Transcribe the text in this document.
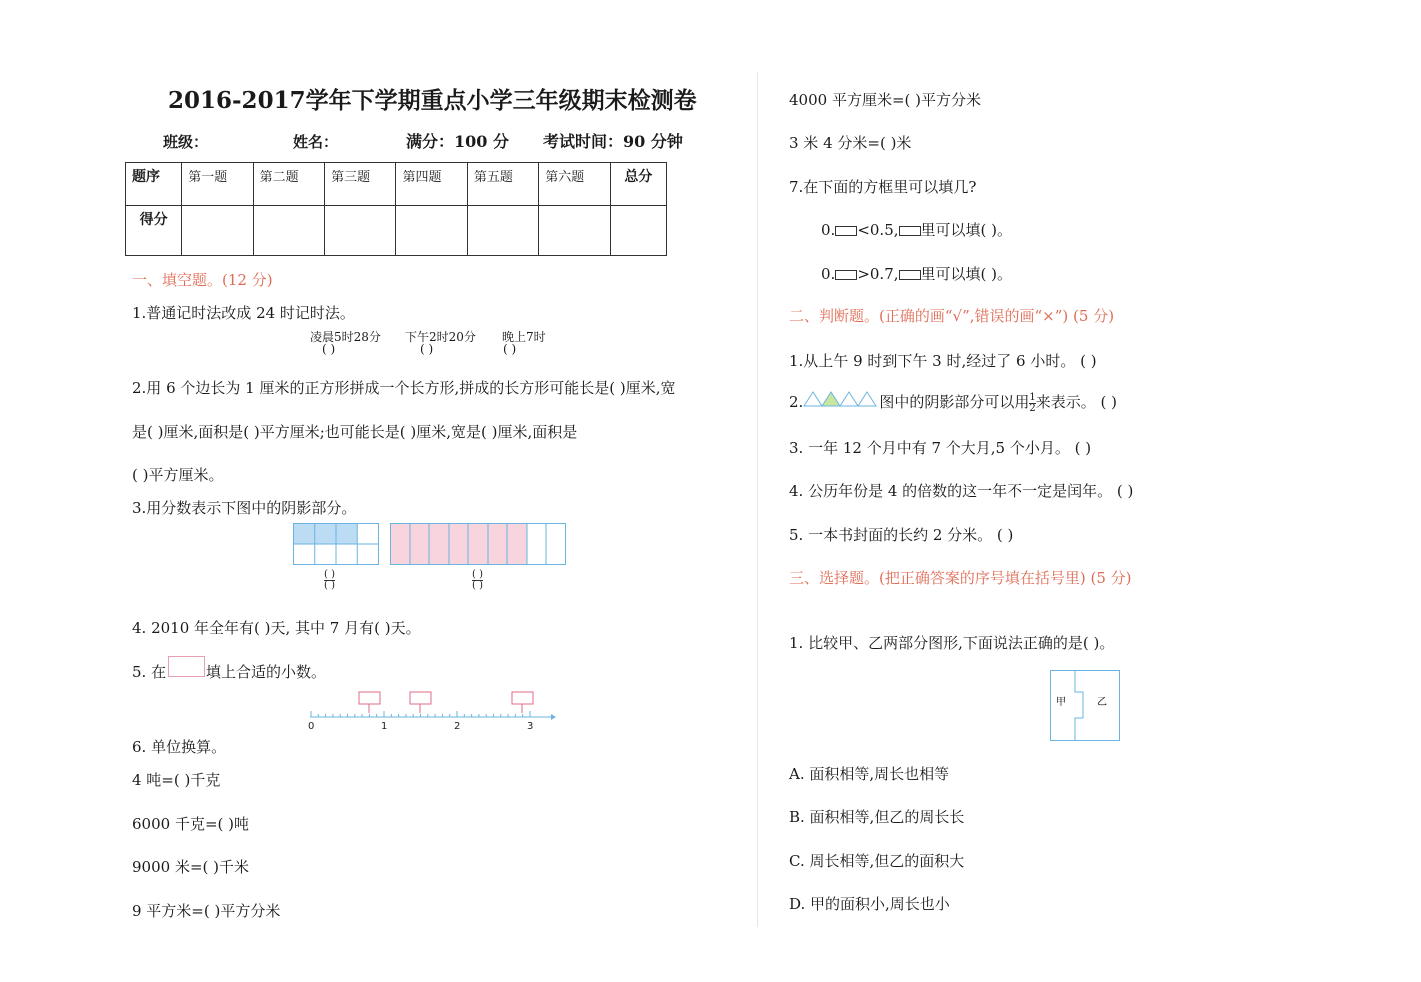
2016-2017学年下学期重点小学三年级期末检测卷
班级：	姓名：	满分：100 分 考试时间：90 分钟
题序	第一题	第二题	第三题	第四题	第五题	第六题	总分
得分							
一、填空题。(12 分)
1.普通记时法改成 24 时记时法。
凌晨5时28分 下午2时20分 晚上7时
( )	( )	( )
2.用 6 个边长为 1 厘米的正方形拼成一个长方形,拼成的长方形可能长是( )厘米,宽
是( )厘米,面积是( )平方厘米;也可能长是( )厘米,宽是( )厘米,面积是
( )平方厘米。
3.用分数表示下图中的阴影部分。
( )
( )
( )
( )
4. 2010 年全年有( )天, 其中 7 月有( )天。
5. 在	填上合适的小数。
0	1	2	3
6. 单位换算。
4 吨=( )千克
6000 千克=( )吨
9000 米=( )千米
9 平方米=( )平方分米
4000 平方厘米=( )平方分米
3 米 4 分米=( )米
7.在下面的方框里可以填几?
0. <0.5, 里可以填( )。
0. >0.7, 里可以填( )。
二、判断题。(正确的画“√”,错误的画“×”) (5 分)
1.从上午 9 时到下午 3 时,经过了 6 小时。 ( )
2.	图中的阴影部分可以用 $\frac{1}{2}$ 来表示。 ( )
3. 一年 12 个月中有 7 个大月,5 个小月。 ( )
4. 公历年份是 4 的倍数的这一年不一定是闰年。 ( )
5. 一本书封面的长约 2 分米。 ( )
三、选择题。(把正确答案的序号填在括号里) (5 分)
1. 比较甲、乙两部分图形,下面说法正确的是( )。
甲	乙
A. 面积相等,周长也相等
B. 面积相等,但乙的周长长
C. 周长相等,但乙的面积大
D. 甲的面积小,周长也小
